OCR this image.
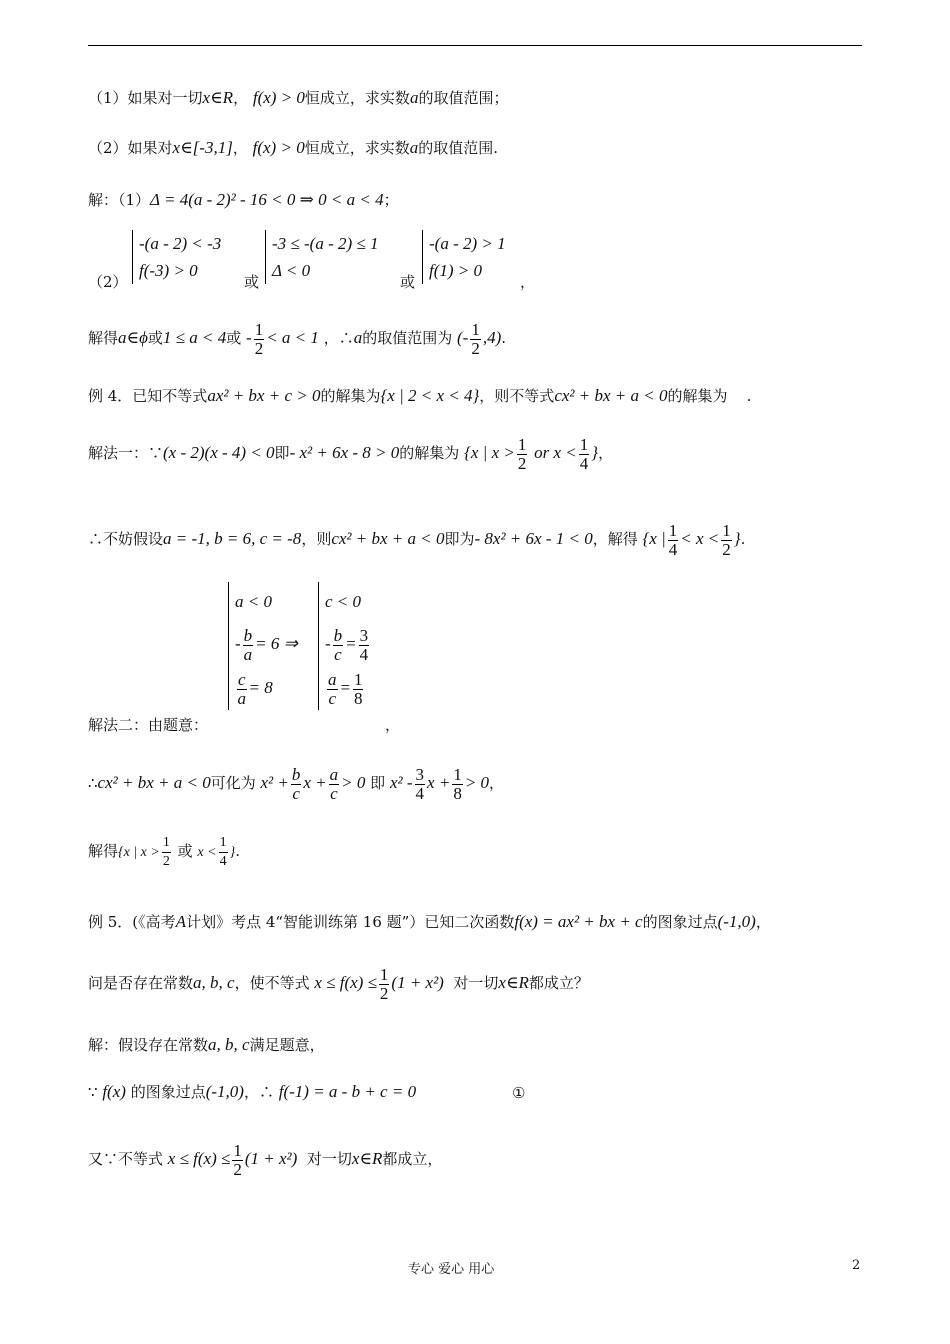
（1）如果对一切x∈R， f(x) > 0恒成立，求实数a的取值范围；
（2）如果对x∈[-3,1]， f(x) > 0恒成立，求实数a的取值范围.
解：（1）Δ = 4(a - 2)² - 16 < 0 ⇒ 0 < a < 4；
（2）
-(a - 2) < -3
f(-3) > 0
或
-3 ≤ -(a - 2) ≤ 1
Δ < 0
或
-(a - 2) > 1
f(1) > 0
，
解得a∈ϕ或1 ≤ a < 4或 - $\frac{1}{2} < a < 1$ ，∴a的取值范围为 (- $\frac{1}{2} ,4$).
例 4．已知不等式ax² + bx + c > 0的解集为{x | 2 < x < 4}，则不等式cx² + bx + a < 0的解集为 .
解法一：∵(x - 2)(x - 4) < 0即- x² + 6x - 8 > 0的解集为 {x | $x > \frac{1}{2}$ or $x < \frac{1}{4}$ }，
∴不妨假设a = -1, b = 6, c = -8，则cx² + bx + a < 0即为- 8x² + 6x - 1 < 0，解得 {x | $\frac{1}{4} < x < \frac{1}{2}$ }.
解法二：由题意：
a < 0
- $\frac{b}{a} = 6$ ⇒
$\frac{c}{a} = 8$
c < 0
- $\frac{b}{c} = \frac{3}{4}$
$\frac{a}{c} = \frac{1}{8}$
，
∴cx² + bx + a < 0可化为 $x^2 + \frac{b}{c}$ $x + \frac{a}{c} > 0$ 即 $x^2 - \frac{3}{4}$ $x + \frac{1}{8} > 0$，
解得{x | $x > \frac{1}{2}$ 或 $x < \frac{1}{4}$ }.
例 5．(《高考A计划》考点 4“智能训练第 16 题”）已知二次函数f(x) = ax² + bx + c的图象过点(-1,0)，
问是否存在常数a, b, c，使不等式 $x \le f(x) \le \frac{1}{2} (1 + x^2)$ 对一切x∈R都成立？
解：假设存在常数a, b, c满足题意，
∵ f(x) 的图象过点(-1,0)，∴ f(-1) = a - b + c = 0	①
又∵不等式 $x \le f(x) \le \frac{1}{2} (1 + x^2)$ 对一切x∈R都成立，
专心 爱心 用心	2
